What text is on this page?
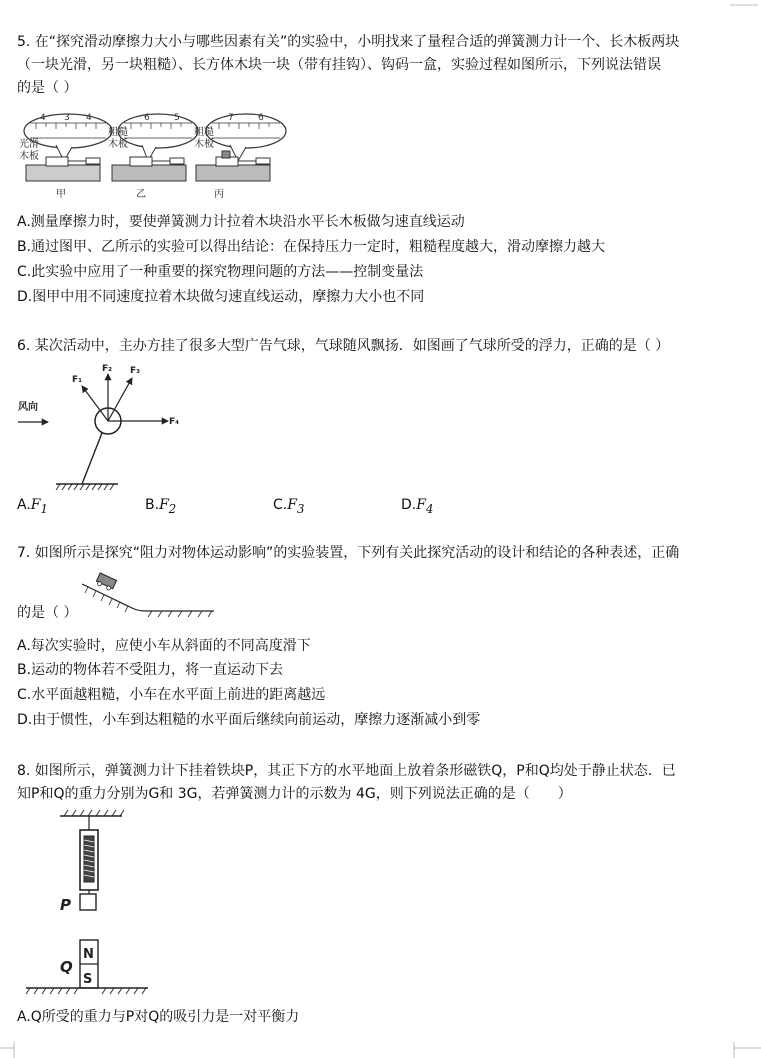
5. 在“探究滑动摩擦力大小与哪些因素有关”的实验中，小明找来了量程合适的弹簧测力计一个、长木板两块
（一块光滑，另一块粗糙）、长方体木块一块（带有挂钩）、钩码一盒，实验过程如图所示，下列说法错误
的是（ ）
4 3 4
光滑
木板
甲
6	5
粗糙
木板
乙
7	6
粗糙
木板
丙
A.测量摩擦力时，要使弹簧测力计拉着木块沿水平长木板做匀速直线运动
B.通过图甲、乙所示的实验可以得出结论：在保持压力一定时，粗糙程度越大，滑动摩擦力越大
C.此实验中应用了一种重要的探究物理问题的方法——控制变量法
D.图甲中用不同速度拉着木块做匀速直线运动，摩擦力大小也不同
6. 某次活动中，主办方挂了很多大型广告气球，气球随风飘扬．如图画了气球所受的浮力，正确的是（ ）
风向
F₁
F₂ F₃
F₄
$A.F_1$	$B.F_2$	$C.F_3$	$D.F_4$
7. 如图所示是探究“阻力对物体运动影响”的实验装置，下列有关此探究活动的设计和结论的各种表述，正确
的是（ ）
A.每次实验时，应使小车从斜面的不同高度滑下
B.运动的物体若不受阻力，将一直运动下去
C.水平面越粗糙，小车在水平面上前进的距离越远
D.由于惯性，小车到达粗糙的水平面后继续向前运动，摩擦力逐渐减小到零
8. 如图所示，弹簧测力计下挂着铁块P，其正下方的水平地面上放着条形磁铁Q，P和Q均处于静止状态．已
知P和Q的重力分别为G和 3G，若弹簧测力计的示数为 4G，则下列说法正确的是（　　）
P
Q
N
S
A.Q所受的重力与P对Q的吸引力是一对平衡力
